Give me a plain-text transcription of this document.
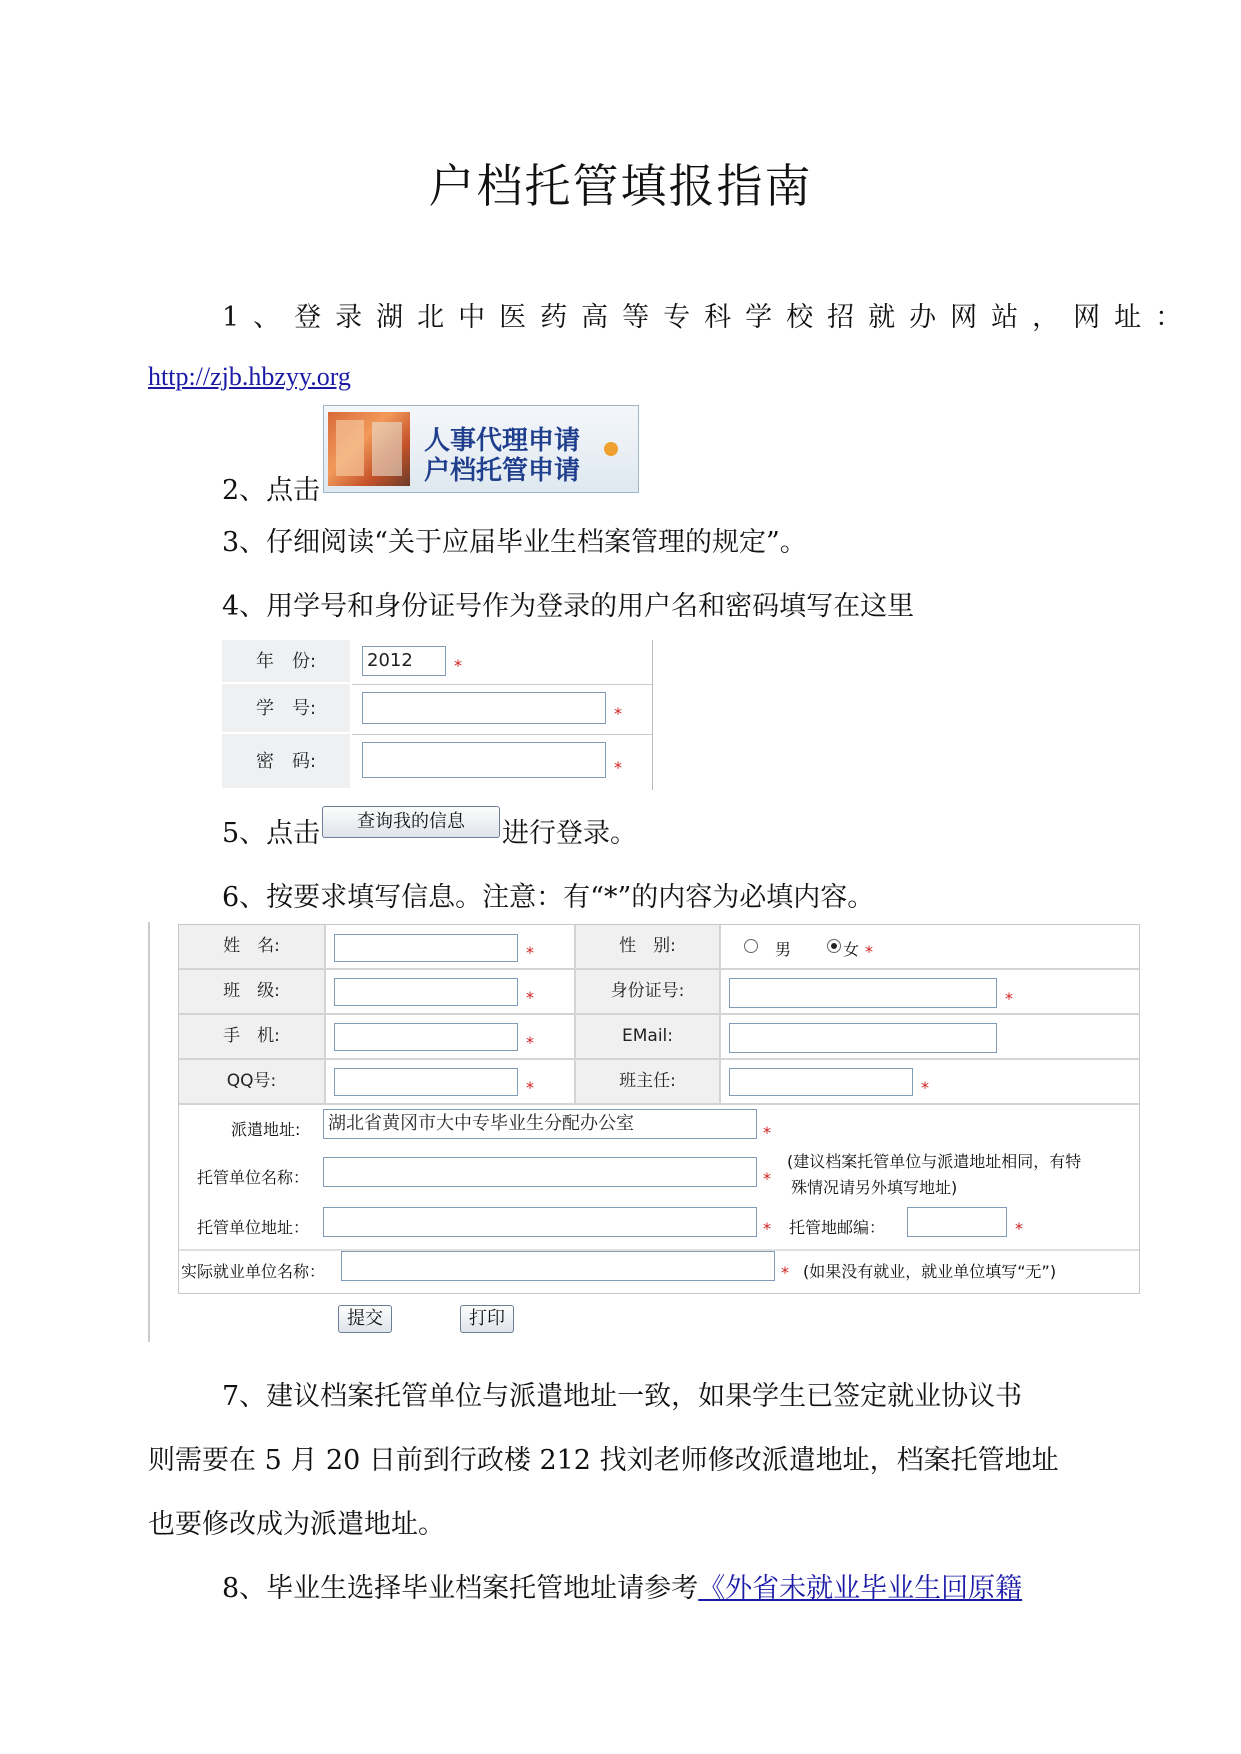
户档托管填报指南
1、登录湖北中医药高等专科学校招就办网站，网址：
http://zjb.hbzyy.org
2、点击
人事代理申请
户档托管申请
3、仔细阅读“关于应届毕业生档案管理的规定”。
4、用学号和身份证号作为登录的用户名和密码填写在这里
年　份:	2012	*
学　号:	*
密　码:	*
5、点击	查询我的信息	进行登录。
6、按要求填写信息。注意：有“*”的内容为必填内容。
姓　名:	*	性　别:	男	女 *
班　级:	*	身份证号:	*
手　机:	*	EMail:
QQ号:	*	班主任:	*
派遣地址: 湖北省黄冈市大中专毕业生分配办公室	*
托管单位名称：	*
(建议档案托管单位与派遣地址相同，有特
殊情况请另外填写地址)
托管单位地址：	* 托管地邮编：	*
实际就业单位名称：	* (如果没有就业，就业单位填写“无”)
提交	打印
7、建议档案托管单位与派遣地址一致，如果学生已签定就业协议书
则需要在 5 月 20 日前到行政楼 212 找刘老师修改派遣地址，档案托管地址
也要修改成为派遣地址。
8、毕业生选择毕业档案托管地址请参考《外省未就业毕业生回原籍
